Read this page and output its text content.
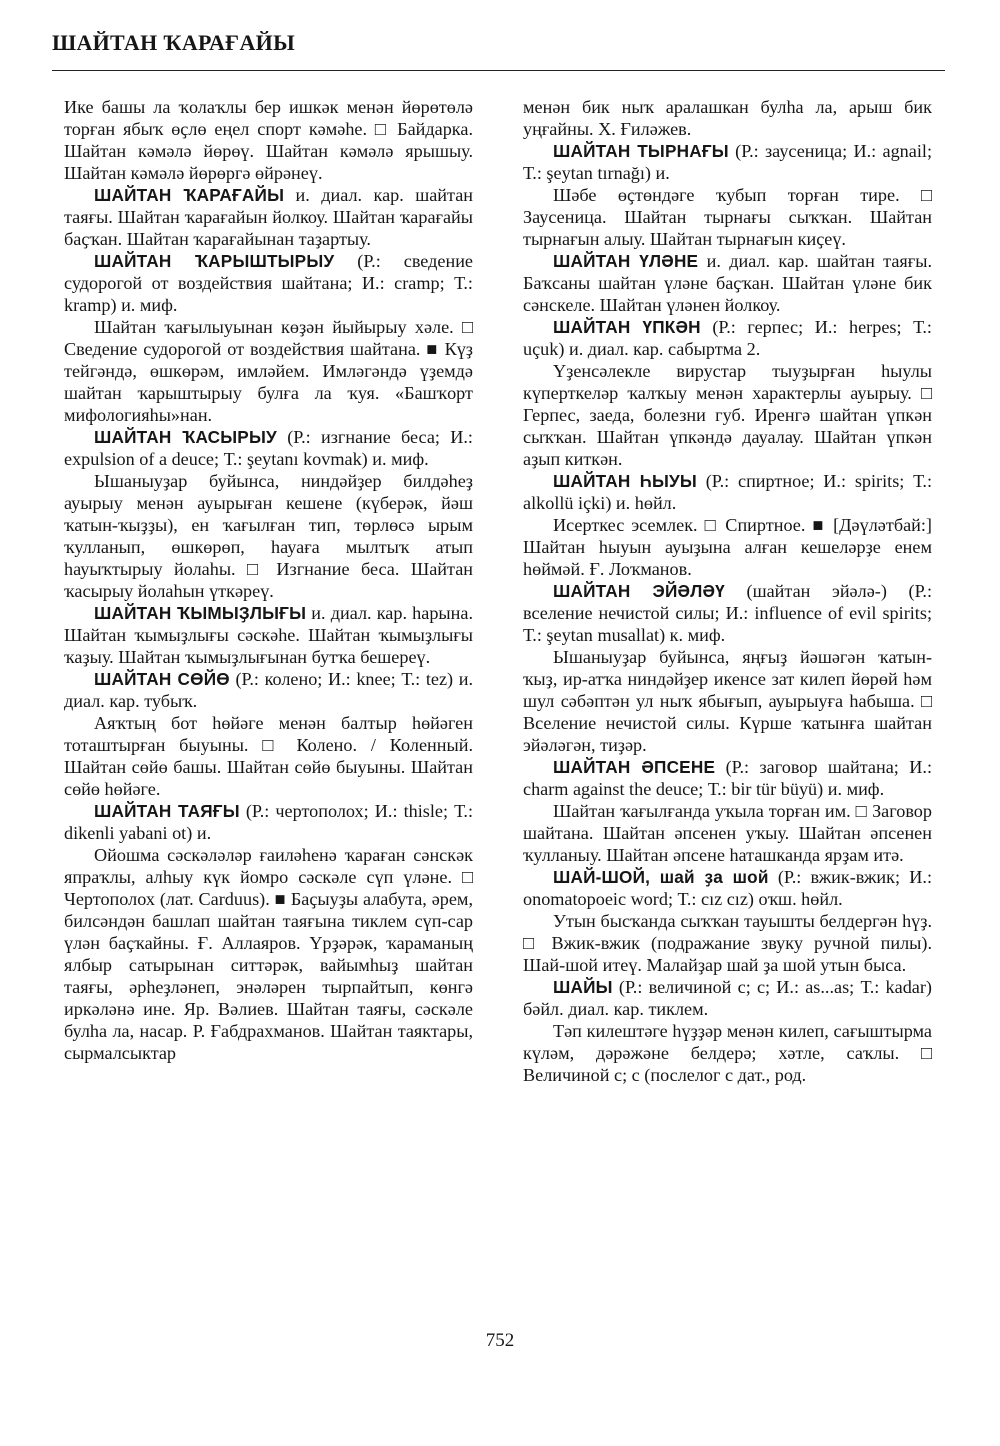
ШАЙТАН ҠАРАҒАЙЫ

Ике башы ла ҡолаҡлы бер ишкәк менән йөрөтөлә торған ябыҡ өҫлө еңел спорт кәмәһе. □ Байдарка. Шайтан кәмәлә йөрөү. Шайтан кәмәлә ярышыу. Шайтан кәмәлә йөрөргә өйрәнеү.

ШАЙТАН ҠАРАҒАЙЫ и. диал. кар. шайтан таяғы. Шайтан ҡарағайын йолкоу. Шайтан ҡарағайы баҫҡан. Шайтан ҡарағайынан таҙартыу.

ШАЙТАН ҠАРЫШТЫРЫУ (Р.: сведение судорогой от воздействия шайтана; И.: cramp; Т.: kramp) и. миф.

Шайтан ҡағылыуынан көҙән йыйырыу хәле. □ Сведение судорогой от воздействия шайтана. ■ Күҙ тейгәндә, өшкөрәм, имләйем. Имләгәндә үҙемдә шайтан ҡарыштырыу булға ла ҡуя. «Башҡорт мифологияһы»нан.

ШАЙТАН ҠАСЫРЫУ (Р.: изгнание беса; И.: expulsion of a deuce; Т.: şeytanı kovmak) и. миф.

Ышаныуҙар буйынса, ниндәйҙер билдәһеҙ ауырыу менән ауырыған кешене (күберәк, йәш ҡатын-ҡыҙҙы), ен ҡағылған тип, төрлөсә ырым ҡулланып, өшкөрөп, һауаға мылтыҡ атып һауыҡтырыу йолаһы. □ Изгнание беса. Шайтан ҡасырыу йолаһын үткәреү.

ШАЙТАН ҠЫМЫҘЛЫҒЫ и. диал. кар. һарына. Шайтан ҡымыҙлығы сәскәһе. Шайтан ҡымыҙлығы ҡаҙыу. Шайтан ҡымыҙлығынан бутҡа бешереү.

ШАЙТАН СӨЙӨ (Р.: колено; И.: knee; Т.: tez) и. диал. кар. тубыҡ.

Аяҡтың бот һөйәге менән балтыр һөйәген тоташтырған быуыны. □ Колено. / Коленный. Шайтан сөйө башы. Шайтан сөйө быуыны. Шайтан сөйө һөйәге.

ШАЙТАН ТАЯҒЫ (Р.: чертополох; И.: thisle; Т.: dikenli yabani ot) и.

Ойошма сәскәләләр ғаиләһенә ҡараған сәнскәк япраҡлы, алһыу күк йомро сәскәле сүп үләне. □ Чертополох (лат. Carduus). ■ Баҫыуҙы алабута, әрем, билсәндән башлап шайтан таяғына тиклем сүп-сар үлән баҫҡайны. Ғ. Аллаяров. Үрҙәрәк, ҡараманың ялбыр сатырынан ситтәрәк, вайымһыҙ шайтан таяғы, әрһеҙләнеп, энәләрен тырпайтып, көнгә иркәләнә ине. Яр. Вәлиев. Шайтан таяғы, сәскәле булһа ла, насар. Р. Ғабдрахманов. Шайтан таяктары, сырмалсыктар

менән бик ныҡ аралашкан булһа ла, арыш бик уңғайны. Х. Ғиләжев.

ШАЙТАН ТЫРНАҒЫ (Р.: заусеница; И.: agnail; Т.: şeytan tırnağı) и.

Шәбе өҫтөндәге ҡубып торған тире. □ Заусеница. Шайтан тырнағы сыҡҡан. Шайтан тырнағын алыу. Шайтан тырнағын киҫеү.

ШАЙТАН ҮЛӘНЕ и. диал. кар. шайтан таяғы. Баҡсаны шайтан үләне баҫҡан. Шайтан үләне бик сәнскеле. Шайтан үләнен йолкоу.

ШАЙТАН ҮПКӘН (Р.: герпес; И.: herpes; Т.: uçuk) и. диал. кар. сабыртма 2.

Үҙенсәлекле вирустар тыуҙырған һыулы күперткеләр ҡалҡыу менән характерлы ауырыу. □ Герпес, заеда, болезни губ. Иренгә шайтан үпкән сыҡҡан. Шайтан үпкәндә дауалау. Шайтан үпкән аҙып киткән.

ШАЙТАН ҺЫУЫ (Р.: спиртное; И.: spirits; Т.: alkollü içki) и. һөйл.

Исерткес эсемлек. □ Спиртное. ■ [Дәүләтбай:] Шайтан һыуын ауыҙына алған кешеләрҙе енем һөймәй. Ғ. Лоҡманов.

ШАЙТАН ЭЙӘЛӘҮ (шайтан эйәлә-) (Р.: вселение нечистой силы; И.: influence of evil spirits; Т.: şeytan musallat) к. миф.

Ышаныуҙар буйынса, яңғыҙ йәшәгән ҡатын-ҡыҙ, ир-атҡа ниндәйҙер икенсе зат килеп йөрөй һәм шул сәбәптән ул ныҡ ябығып, ауырыуға һабыша. □ Вселение нечистой силы. Күрше ҡатынға шайтан эйәләгән, тиҙәр.

ШАЙТАН ӘПСЕНЕ (Р.: заговор шайтана; И.: charm against the deuce; Т.: bir tür büyü) и. миф.

Шайтан ҡағылғанда уҡыла торған им. □ Заговор шайтана. Шайтан әпсенен уҡыу. Шайтан әпсенен ҡулланыу. Шайтан әпсене һаташканда ярҙам итә.

ШАЙ-ШОЙ, шай ҙа шой (Р.: вжик-вжик; И.: onomatopoeic word; Т.: cız cız) оҡш. һөйл.

Утын бысҡанда сыҡҡан тауышты белдергән һүҙ. □ Вжик-вжик (подражание звуку ручной пилы). Шай-шой итеү. Малайҙар шай ҙа шой утын быса.

ШАЙЫ (Р.: величиной с; с; И.: as...as; Т.: kadar) бәйл. диал. кар. тиклем.

Тәп килештәге һүҙҙәр менән килеп, сағыштырма күләм, дәрәжәне белдерә; хәтле, саҡлы. □ Величиной с; с (послелог с дат., род.

752
